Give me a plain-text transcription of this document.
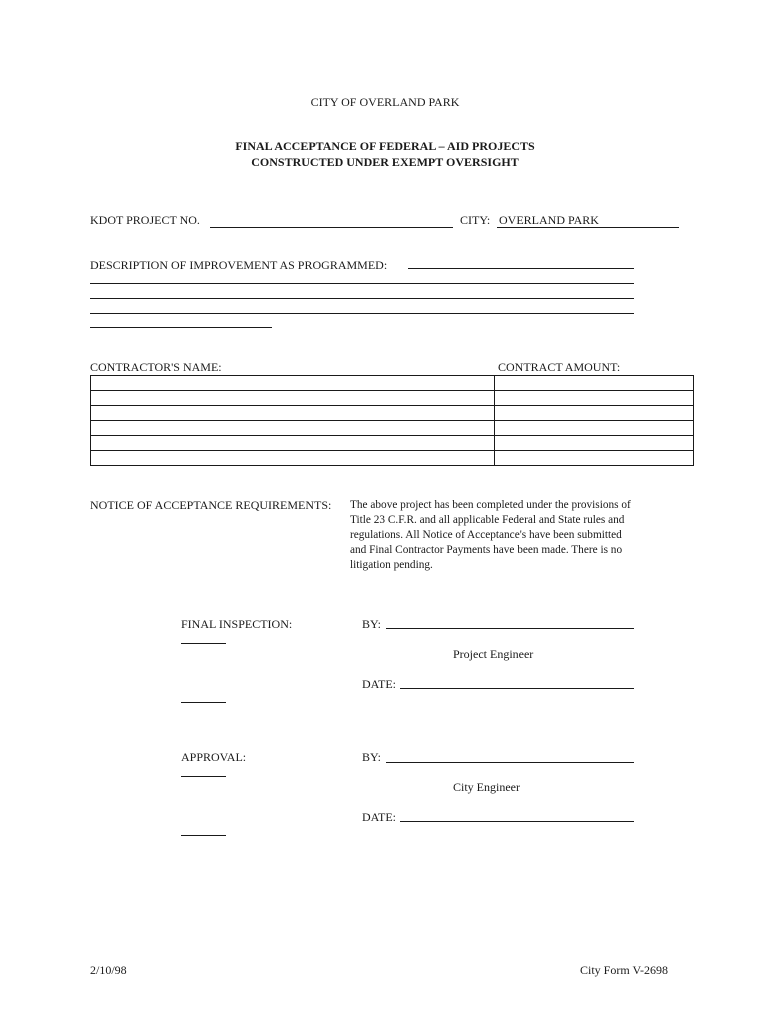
CITY OF OVERLAND PARK
FINAL ACCEPTANCE OF FEDERAL – AID PROJECTS
CONSTRUCTED UNDER EXEMPT OVERSIGHT
KDOT PROJECT NO.	CITY: OVERLAND PARK
DESCRIPTION OF IMPROVEMENT AS PROGRAMMED:
CONTRACTOR'S NAME:	CONTRACT AMOUNT:

NOTICE OF ACCEPTANCE REQUIREMENTS: The above project has been completed under the provisions of
Title 23 C.F.R. and all applicable Federal and State rules and
regulations. All Notice of Acceptance's have been submitted
and Final Contractor Payments have been made. There is no
litigation pending.
FINAL INSPECTION:	BY:
Project Engineer
DATE:
APPROVAL:	BY:
City Engineer
DATE:
2/10/98	City Form V-2698
